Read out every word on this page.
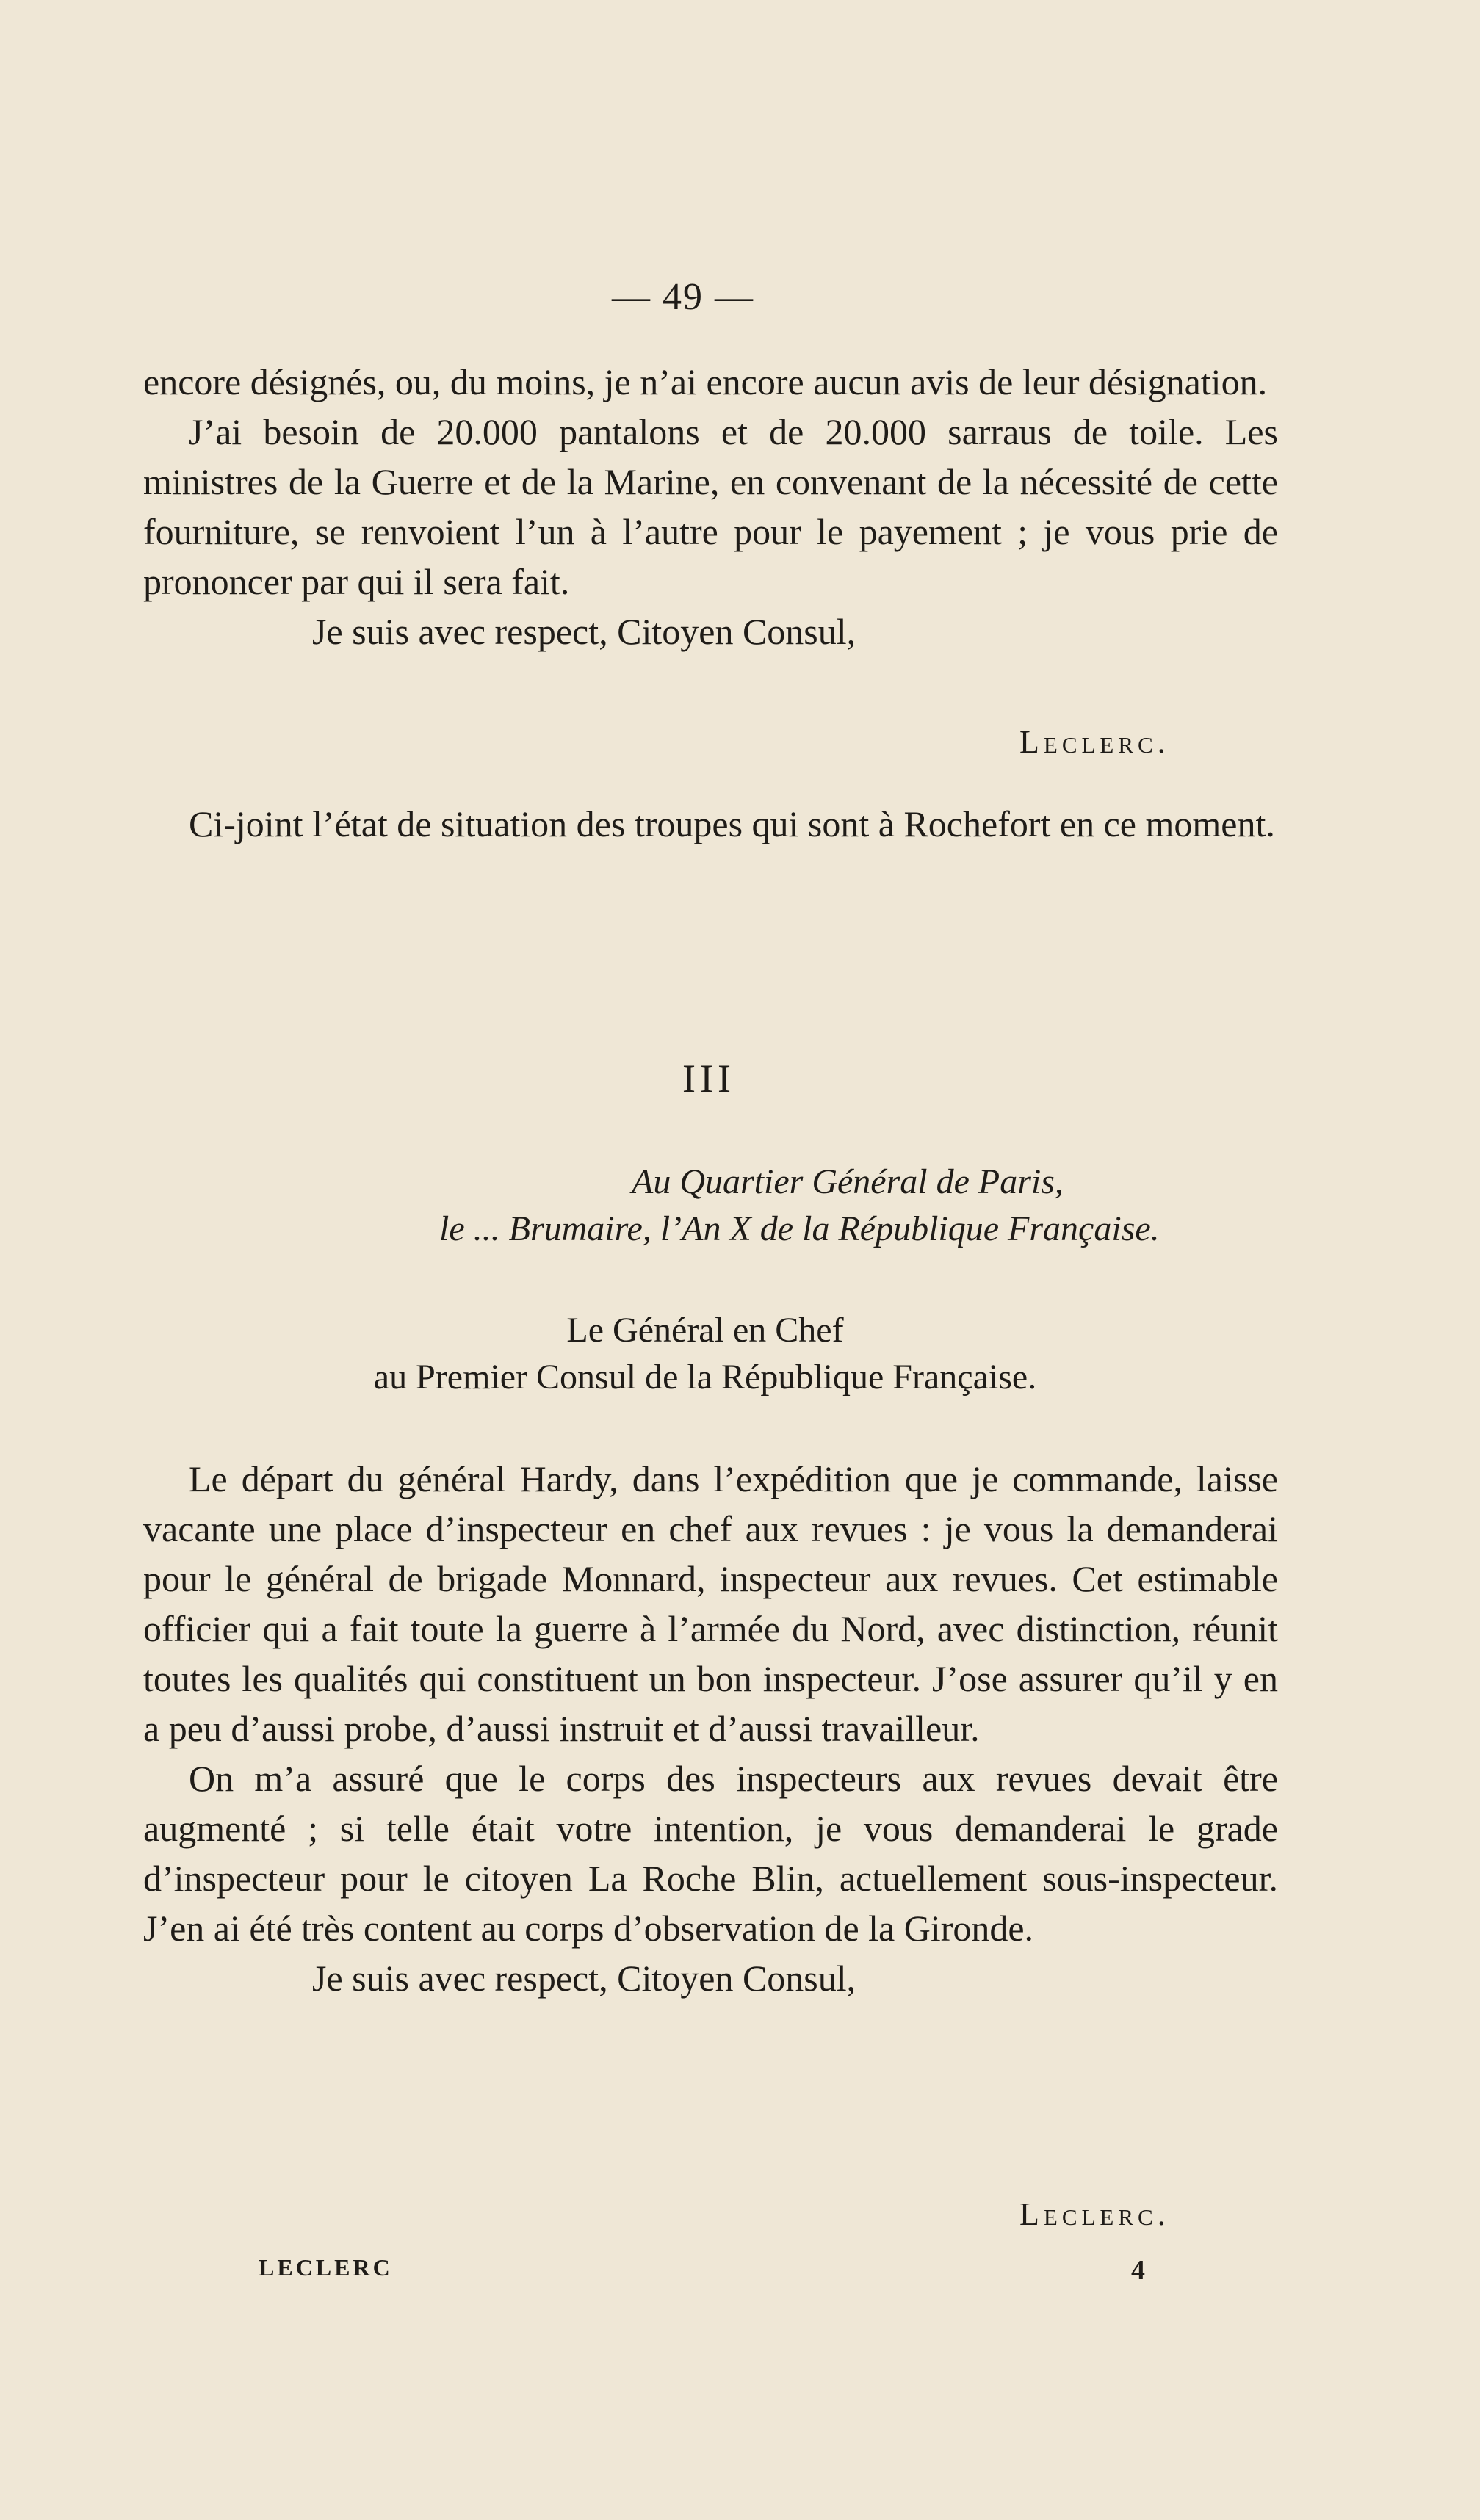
— 49 —

encore désignés, ou, du moins, je n’ai encore aucun avis de leur désignation.

J’ai besoin de 20.000 pantalons et de 20.000 sarraus de toile. Les ministres de la Guerre et de la Marine, en convenant de la nécessité de cette fourniture, se renvoient l’un à l’autre pour le payement ; je vous prie de prononcer par qui il sera fait.

Je suis avec respect, Citoyen Consul,

Leclerc.

Ci-joint l’état de situation des troupes qui sont à Rochefort en ce moment.

III
Au Quartier Général de Paris,
le ... Brumaire, l’An X de la République Française.
Le Général en Chef
au Premier Consul de la République Française.

Le départ du général Hardy, dans l’expédition que je commande, laisse vacante une place d’inspecteur en chef aux revues : je vous la demanderai pour le général de brigade Monnard, inspecteur aux revues. Cet estimable officier qui a fait toute la guerre à l’armée du Nord, avec distinction, réunit toutes les qualités qui constituent un bon inspecteur. J’ose assurer qu’il y en a peu d’aussi probe, d’aussi instruit et d’aussi travailleur.

On m’a assuré que le corps des inspecteurs aux revues devait être augmenté ; si telle était votre intention, je vous demanderai le grade d’inspecteur pour le citoyen La Roche Blin, actuellement sous-inspecteur. J’en ai été très content au corps d’observation de la Gironde.

Je suis avec respect, Citoyen Consul,

Leclerc.
LECLERC	4
